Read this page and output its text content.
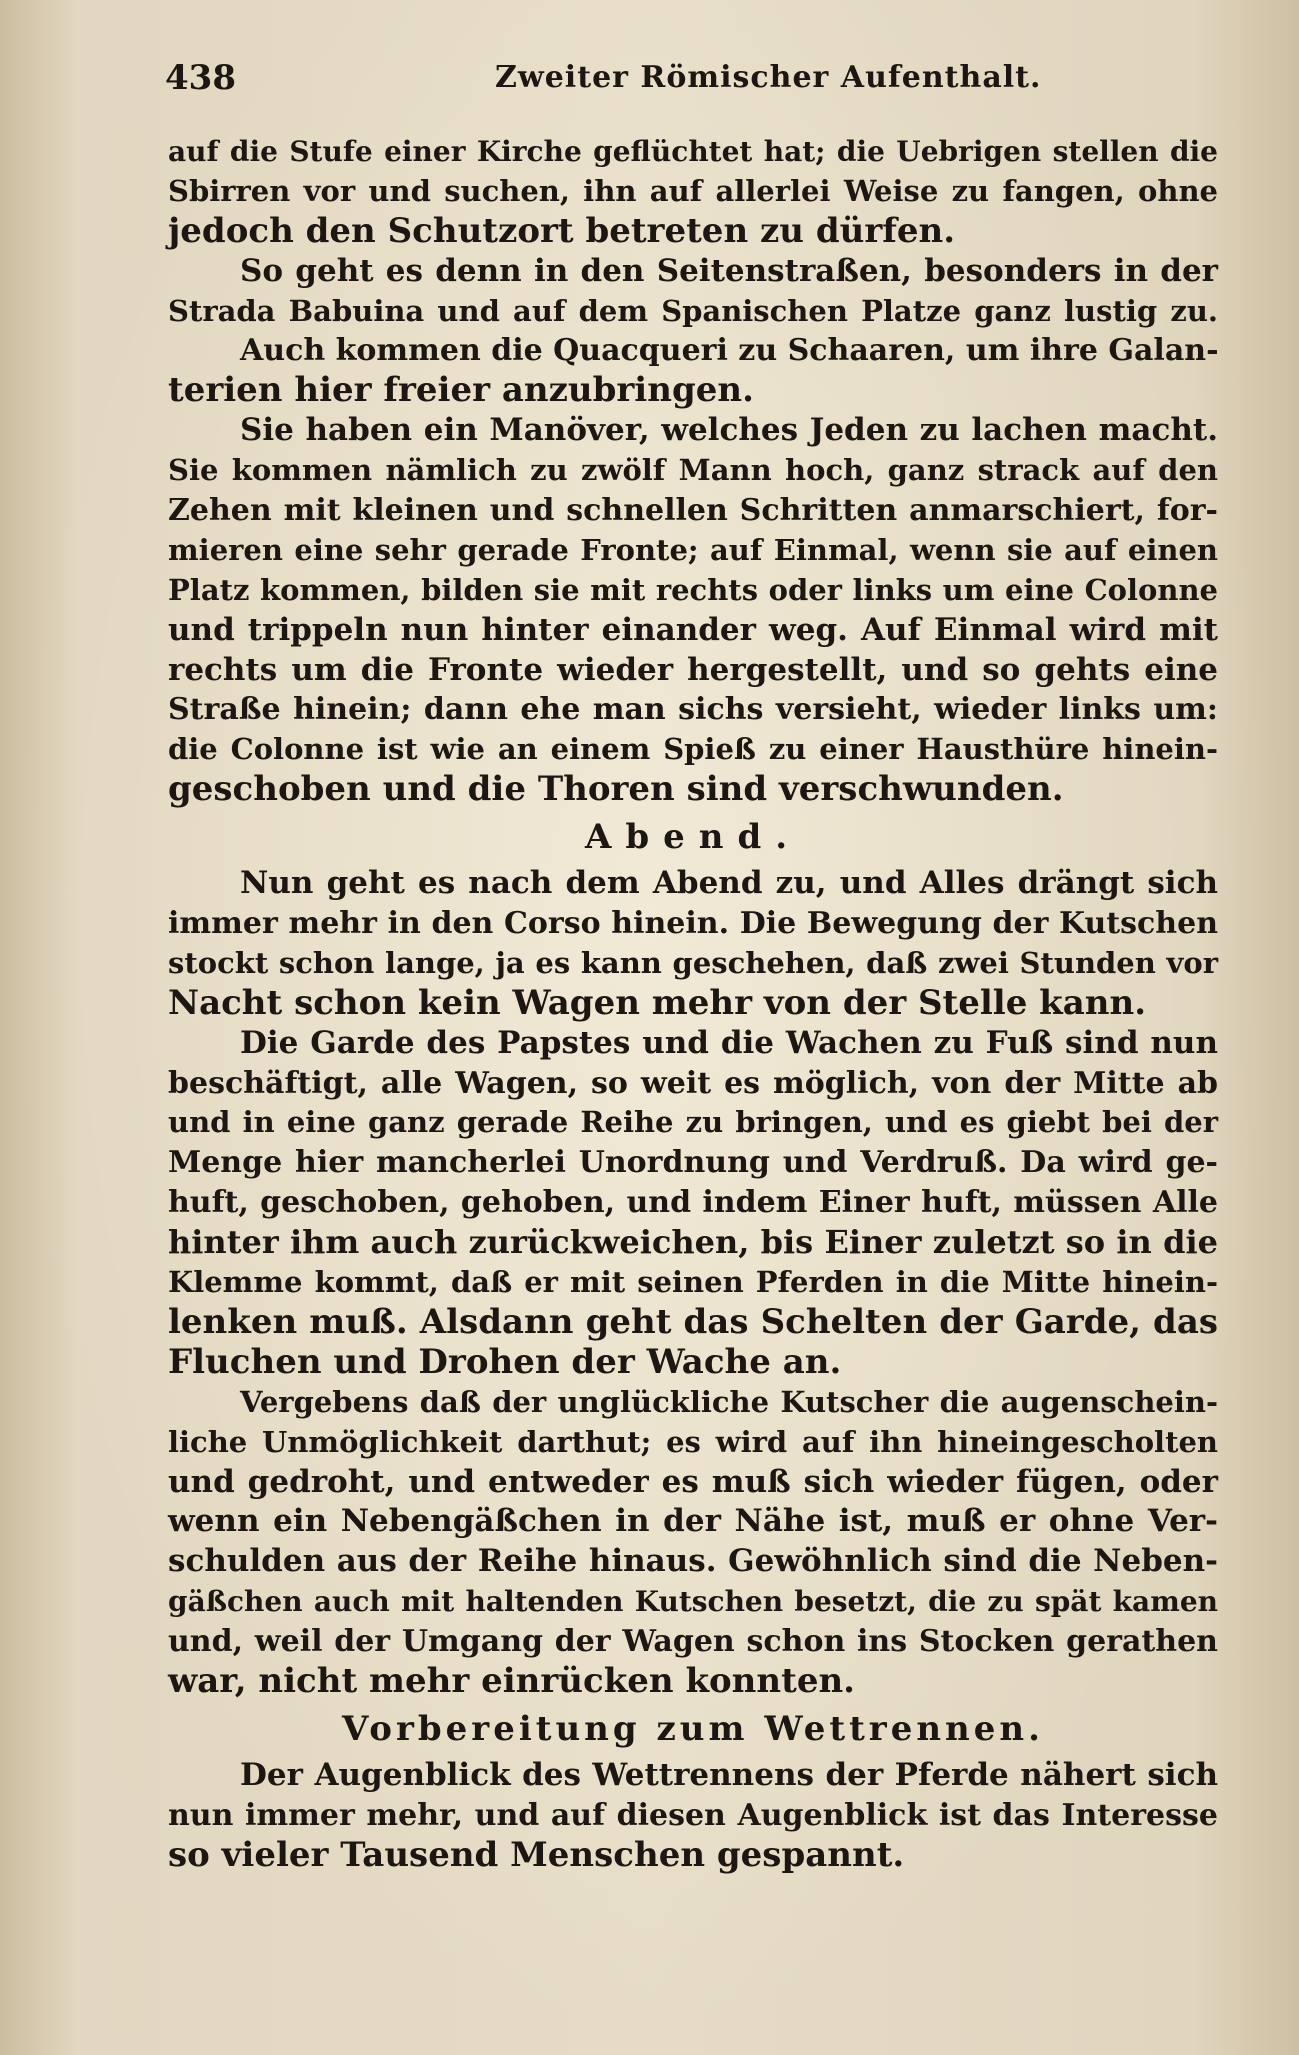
438	Zweiter Römischer Aufenthalt.
auf die Stufe einer Kirche geflüchtet hat; die Uebrigen stellen die
Sbirren vor und suchen, ihn auf allerlei Weise zu fangen, ohne
jedoch den Schutzort betreten zu dürfen.
So geht es denn in den Seitenstraßen, besonders in der
Strada Babuina und auf dem Spanischen Platze ganz lustig zu.
Auch kommen die Quacqueri zu Schaaren, um ihre Galan-
terien hier freier anzubringen.
Sie haben ein Manöver, welches Jeden zu lachen macht.
Sie kommen nämlich zu zwölf Mann hoch, ganz strack auf den
Zehen mit kleinen und schnellen Schritten anmarschiert, for-
mieren eine sehr gerade Fronte; auf Einmal, wenn sie auf einen
Platz kommen, bilden sie mit rechts oder links um eine Colonne
und trippeln nun hinter einander weg. Auf Einmal wird mit
rechts um die Fronte wieder hergestellt, und so gehts eine
Straße hinein; dann ehe man sichs versieht, wieder links um:
die Colonne ist wie an einem Spieß zu einer Hausthüre hinein-
geschoben und die Thoren sind verschwunden.
Abend.
Nun geht es nach dem Abend zu, und Alles drängt sich
immer mehr in den Corso hinein. Die Bewegung der Kutschen
stockt schon lange, ja es kann geschehen, daß zwei Stunden vor
Nacht schon kein Wagen mehr von der Stelle kann.
Die Garde des Papstes und die Wachen zu Fuß sind nun
beschäftigt, alle Wagen, so weit es möglich, von der Mitte ab
und in eine ganz gerade Reihe zu bringen, und es giebt bei der
Menge hier mancherlei Unordnung und Verdruß. Da wird ge-
huft, geschoben, gehoben, und indem Einer huft, müssen Alle
hinter ihm auch zurückweichen, bis Einer zuletzt so in die
Klemme kommt, daß er mit seinen Pferden in die Mitte hinein-
lenken muß. Alsdann geht das Schelten der Garde, das
Fluchen und Drohen der Wache an.
Vergebens daß der unglückliche Kutscher die augenschein-
liche Unmöglichkeit darthut; es wird auf ihn hineingescholten
und gedroht, und entweder es muß sich wieder fügen, oder
wenn ein Nebengäßchen in der Nähe ist, muß er ohne Ver-
schulden aus der Reihe hinaus. Gewöhnlich sind die Neben-
gäßchen auch mit haltenden Kutschen besetzt, die zu spät kamen
und, weil der Umgang der Wagen schon ins Stocken gerathen
war, nicht mehr einrücken konnten.
Vorbereitung zum Wettrennen.
Der Augenblick des Wettrennens der Pferde nähert sich
nun immer mehr, und auf diesen Augenblick ist das Interesse
so vieler Tausend Menschen gespannt.
